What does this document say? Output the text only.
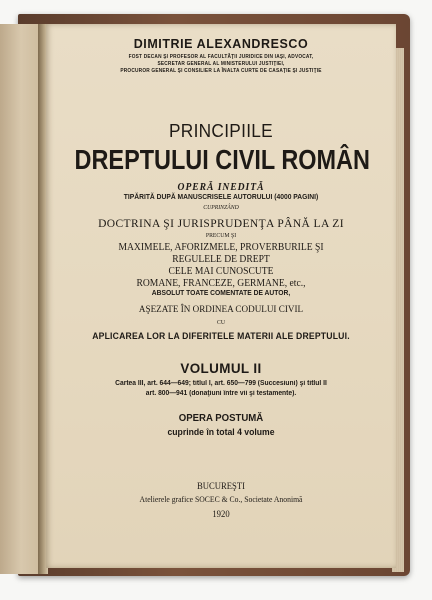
DIMITRIE ALEXANDRESCO
FOST DECAN ŞI PROFESOR AL FACULTĂŢII JURIDICE DIN IAŞI, ADVOCAT,
SECRETAR GENERAL AL MINISTERULUI JUSTIŢIEI,
PROCUROR GENERAL ŞI CONSILIER LA ÎNALTA CURTE DE CASAŢIE ŞI JUSTIŢIE
PRINCIPIILE
DREPTULUI CIVIL ROMÂN
OPERĂ INEDITĂ
TIPĂRITĂ DUPĂ MANUSCRISELE AUTORULUI (4000 PAGINI)
CUPRINZÂND
DOCTRINA ŞI JURISPRUDENŢA PÂNĂ LA ZI
PRECUM ŞI
MAXIMELE, AFORIZMELE, PROVERBURILE ŞI
REGULELE DE DREPT
CELE MAI CUNOSCUTE
ROMANE, FRANCEZE, GERMANE, etc.,
ABSOLUT TOATE COMENTATE DE AUTOR,
AŞEZATE ÎN ORDINEA CODULUI CIVIL
CU
APLICAREA LOR LA DIFERITELE MATERII ALE DREPTULUI.
VOLUMUL II
Cartea III, art. 644—649; titlul I, art. 650—799 (Succesiuni) şi titlul II
art. 800—941 (donaţiuni între vii şi testamente).
OPERA POSTUMĂ
cuprinde în total 4 volume
BUCUREŞTI
Atelierele grafice SOCEC & Co., Societate Anonimă
1920
